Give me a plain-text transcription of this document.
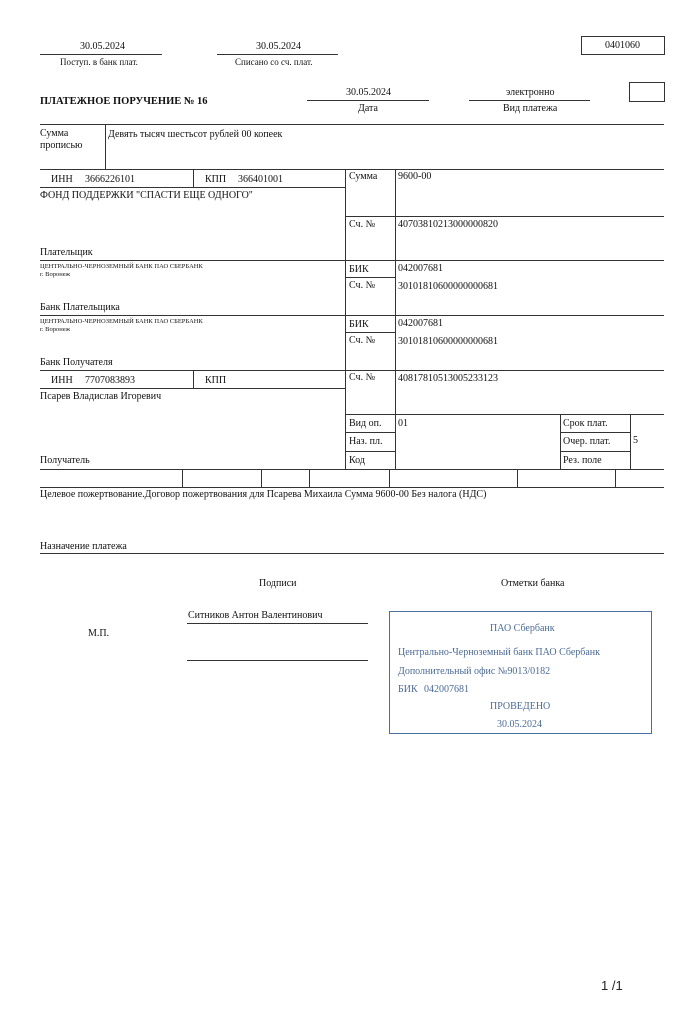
30.05.2024
Поступ. в банк плат.
30.05.2024
Списано со сч. плат.
0401060
ПЛАТЕЖНОЕ ПОРУЧЕНИЕ № 16
30.05.2024
Дата
электронно
Вид платежа
Сумма
прописью
Девять тысяч шестьсот рублей 00 копеек
ИНН 3666226101	КПП 366401001
ФОНД ПОДДЕРЖКИ "СПАСТИ ЕЩЕ ОДНОГО"
Плательщик
Сумма 9600-00
Сч. № 40703810213000000820
ЦЕНТРАЛЬНО-ЧЕРНОЗЕМНЫЙ БАНК ПАО СБЕРБАНК
г. Воронеж
Банк Плательщика
БИК	042007681
Сч. № 30101810600000000681
ЦЕНТРАЛЬНО-ЧЕРНОЗЕМНЫЙ БАНК ПАО СБЕРБАНК
г. Воронеж
Банк Получателя
БИК	042007681
Сч. № 30101810600000000681
ИНН 7707083893	КПП
Псарев Владислав Игоревич
Получатель
Сч. № 40817810513005233123
Вид оп. 01
Наз. пл.
Код
Срок плат.
Очер. плат. 5
Рез. поле
Целевое пожертвование.Договор пожертвования для Псарева Михаила Сумма 9600-00 Без налога (НДС)
Назначение платежа
Подписи	Отметки банка
Ситников Антон Валентинович
М.П.	ПАО Сбербанк
Центрально-Черноземный банк ПАО Сбербанк
Дополнительный офис №9013/0182
БИК 042007681
ПРОВЕДЕНО
30.05.2024
1 /1
